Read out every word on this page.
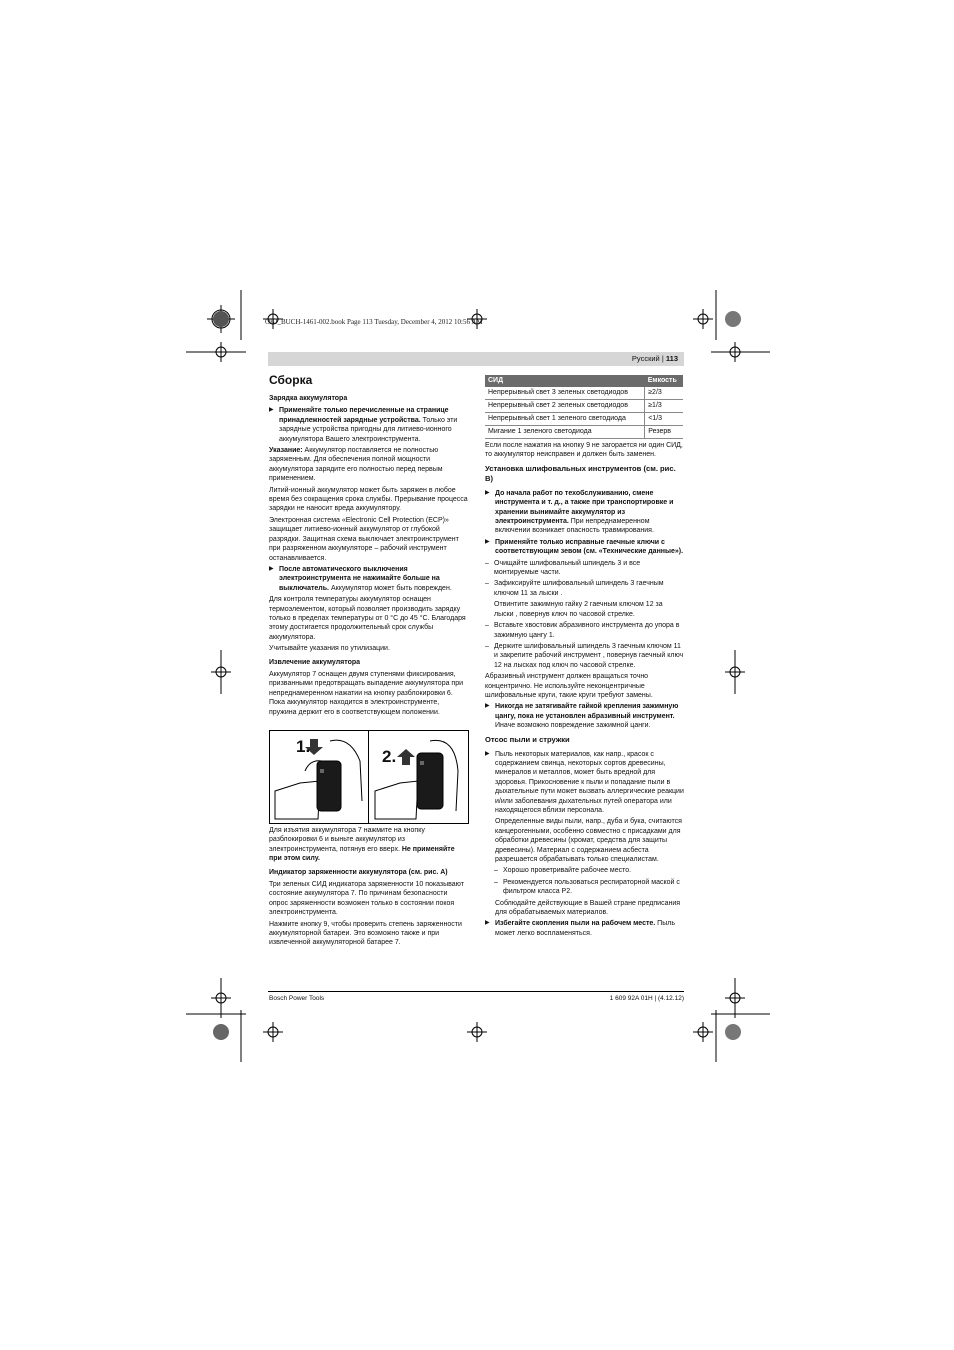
OBJ_BUCH-1461-002.book Page 113 Tuesday, December 4, 2012 10:56 AM
Русский | 113
Сборка
Зарядка аккумулятора

▶ Применяйте только перечисленные на странице принадлежностей зарядные устройства. Только эти зарядные устройства пригодны для литиево-ионного аккумулятора Вашего электроинструмента.

Указание: Аккумулятор поставляется не полностью заряженным. Для обеспечения полной мощности аккумулятора зарядите его полностью перед первым применением.

Литий-ионный аккумулятор может быть заряжен в любое время без сокращения срока службы. Прерывание процесса зарядки не наносит вреда аккумулятору.

Электронная система «Electronic Cell Protection (ECP)» защищает литиево-ионный аккумулятор от глубокой разрядки. Защитная схема выключает электроинструмент при разряженном аккумуляторе – рабочий инструмент останавливается.

▶ После автоматического выключения электроинструмента не нажимайте больше на выключатель. Аккумулятор может быть поврежден.

Для контроля температуры аккумулятор оснащен термоэлементом, который позволяет производить зарядку только в пределах температуры от 0 °C до 45 °C. Благодаря этому достигается продолжительный срок службы аккумулятора.

Учитывайте указания по утилизации.

Извлечение аккумулятора

Аккумулятор 7 оснащен двумя ступенями фиксирования, призванными предотвращать выпадение аккумулятора при непреднамеренном нажатии на кнопку разблокировки 6. Пока аккумулятор находится в электроинструменте, пружина держит его в соответствующем положении.

1.
2.

Для изъятия аккумулятора 7 нажмите на кнопку разблокировки 6 и выньте аккумулятор из электроинструмента, потянув его вверх. Не применяйте при этом силу.

Индикатор заряженности аккумулятора (см. рис. A)

Три зеленых СИД индикатора заряженности 10 показывают состояние аккумулятора 7. По причинам безопасности опрос заряженности возможен только в состоянии покоя электроинструмента.

Нажмите кнопку 9, чтобы проверить степень заряженности аккумуляторной батареи. Это возможно также и при извлеченной аккумуляторной батарее 7.

СИД	Емкость
Непрерывный свет 3 зеленых светодиодов	≥2/3
Непрерывный свет 2 зеленых светодиодов	≥1/3
Непрерывный свет 1 зеленого светодиода	<1/3
Мигание 1 зеленого светодиода	Резерв

Если после нажатия на кнопку 9 не загорается ни один СИД, то аккумулятор неисправен и должен быть заменен.

Установка шлифовальных инструментов (см. рис. B)

▶ До начала работ по техобслуживанию, смене инструмента и т. д., а также при транспортировке и хранении вынимайте аккумулятор из электроинструмента. При непреднамеренном включении возникает опасность травмирования.

▶ Применяйте только исправные гаечные ключи с соответствующим зевом (см. «Технические данные»).

– Очищайте шлифовальный шпиндель 3 и все монтируемые части.

– Зафиксируйте шлифовальный шпиндель 3 гаечным ключом 11 за лыски .

Отвинтите зажимную гайку 2 гаечным ключом 12 за лыски , повернув ключ по часовой стрелке.

– Вставьте хвостовик абразивного инструмента до упора в зажимную цангу 1.

– Держите шлифовальный шпиндель 3 гаечным ключом 11 и закрепите рабочий инструмент , повернув гаечный ключ 12 на лысках под ключ по часовой стрелке.

Абразивный инструмент должен вращаться точно концентрично. Не используйте неконцентричные шлифовальные круги, такие круги требуют замены.

▶ Никогда не затягивайте гайкой крепления зажимную цангу, пока не установлен абразивный инструмент. Иначе возможно повреждение зажимной цанги.

Отсос пыли и стружки

▶ Пыль некоторых материалов, как напр., красок с содержанием свинца, некоторых сортов древесины, минералов и металлов, может быть вредной для здоровья. Прикосновение к пыли и попадание пыли в дыхательные пути может вызвать аллергические реакции и/или заболевания дыхательных путей оператора или находящегося вблизи персонала.

Определенные виды пыли, напр., дуба и бука, считаются канцерогенными, особенно совместно с присадками для обработки древесины (хромат, средства для защиты древесины). Материал с содержанием асбеста разрешается обрабатывать только специалистам.

– Хорошо проветривайте рабочее место.

– Рекомендуется пользоваться респираторной маской с фильтром класса P2.

Соблюдайте действующие в Вашей стране предписания для обрабатываемых материалов.

▶ Избегайте скопления пыли на рабочем месте. Пыль может легко воспламеняться.

Bosch Power Tools	1 609 92A 01H | (4.12.12)
